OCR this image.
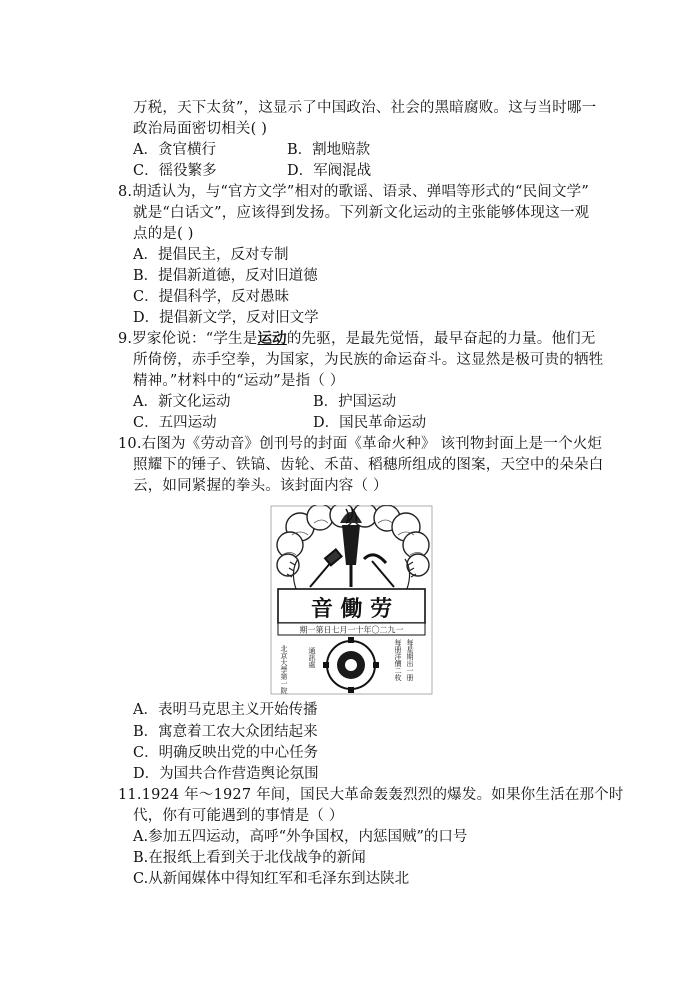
万税，天下太贫”，这显示了中国政治、社会的黑暗腐败。这与当时哪一
政治局面密切相关( )
A．贪官横行	B．割地赔款
C．徭役繁多	D．军阀混战
8.胡适认为，与“官方文学”相对的歌谣、语录、弹唱等形式的“民间文学”
就是“白话文”，应该得到发扬。下列新文化运动的主张能够体现这一观
点的是( )
A．提倡民主，反对专制
B．提倡新道德，反对旧道德
C．提倡科学，反对愚昧
D．提倡新文学，反对旧文学
9.罗家伦说：“学生是运动的先驱，是最先觉悟，最早奋起的力量。他们无
所倚傍，赤手空拳，为国家，为民族的命运奋斗。这显然是极可贵的牺牲
精神。”材料中的“运动”是指（ ）
A．新文化运动	B．护国运动
C．五四运动	D．国民革命运动
10.右图为《劳动音》创刊号的封面《革命火种》 该刊物封面上是一个火炬
照耀下的锤子、铁镐、齿轮、禾苗、稻穗所组成的图案，天空中的朵朵白
云，如同紧握的拳头。该封面内容（ ）
音 働 劳
期一第日七月一十年〇二九一
北京大學第一院	通訊處	每星期出一册
每册洋價二枚
A．表明马克思主义开始传播
B．寓意着工农大众团结起来
C．明确反映出党的中心任务
D．为国共合作营造舆论氛围
11.1924 年～1927 年间，国民大革命轰轰烈烈的爆发。如果你生活在那个时
代，你有可能遇到的事情是（ ）
A.参加五四运动，高呼“外争国权，内惩国贼”的口号
B.在报纸上看到关于北伐战争的新闻
C.从新闻媒体中得知红军和毛泽东到达陕北
